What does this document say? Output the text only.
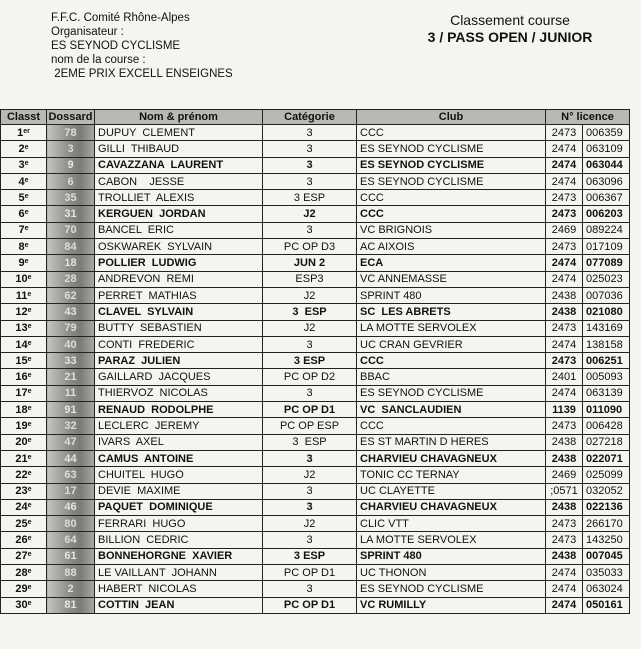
F.F.C. Comité Rhône-Alpes
Organisateur :
ES SEYNOD CYCLISME
nom de la course :
2EME PRIX EXCELL ENSEIGNES
Classement course
3 / PASS OPEN / JUNIOR
Classt	Dossard	Nom & prénom	Catégorie	Club	N° licence	
1er	78	DUPUY  CLEMENT	3	CCC	2473	006359
2e	3	GILLI  THIBAUD	3	ES SEYNOD CYCLISME	2474	063109
3e	9	CAVAZZANA  LAURENT	3	ES SEYNOD CYCLISME	2474	063044
4e	6	CABON    JESSE	3	ES SEYNOD CYCLISME	2474	063096
5e	35	TROLLIET  ALEXIS	3 ESP	CCC	2473	006367
6e	31	KERGUEN  JORDAN	J2	CCC	2473	006203
7e	70	BANCEL  ERIC	3	VC BRIGNOIS	2469	089224
8e	84	OSKWAREK  SYLVAIN	PC OP D3	AC AIXOIS	2473	017109
9e	18	POLLIER  LUDWIG	JUN 2	ECA	2474	077089
10e	28	ANDREVON  REMI	ESP3	VC ANNEMASSE	2474	025023
11e	62	PERRET  MATHIAS	J2	SPRINT 480	2438	007036
12e	43	CLAVEL  SYLVAIN	3  ESP	SC  LES ABRETS	2438	021080
13e	79	BUTTY  SEBASTIEN	J2	LA MOTTE SERVOLEX	2473	143169
14e	40	CONTI  FREDERIC	3	UC CRAN GEVRIER	2474	138158
15e	33	PARAZ  JULIEN	3 ESP	CCC	2473	006251
16e	21	GAILLARD  JACQUES	PC OP D2	BBAC	2401	005093
17e	11	THIERVOZ  NICOLAS	3	ES SEYNOD CYCLISME	2474	063139
18e	91	RENAUD  RODOLPHE	PC OP D1	VC  SANCLAUDIEN	1139	011090
19e	32	LECLERC  JEREMY	PC OP ESP	CCC	2473	006428
20e	47	IVARS  AXEL	3  ESP	ES ST MARTIN D HERES	2438	027218
21e	44	CAMUS  ANTOINE	3	CHARVIEU CHAVAGNEUX	2438	022071
22e	63	CHUITEL  HUGO	J2	TONIC CC TERNAY	2469	025099
23e	17	DEVIE  MAXIME	3	UC CLAYETTE	;0571	032052
24e	46	PAQUET  DOMINIQUE	3	CHARVIEU CHAVAGNEUX	2438	022136
25e	80	FERRARI  HUGO	J2	CLIC VTT	2473	266170
26e	64	BILLION  CEDRIC	3	LA MOTTE SERVOLEX	2473	143250
27e	61	BONNEHORGNE  XAVIER	3 ESP	SPRINT 480	2438	007045
28e	88	LE VAILLANT  JOHANN	PC OP D1	UC THONON	2474	035033
29e	2	HABERT  NICOLAS	3	ES SEYNOD CYCLISME	2474	063024
30e	81	COTTIN  JEAN	PC OP D1	VC RUMILLY	2474	050161
